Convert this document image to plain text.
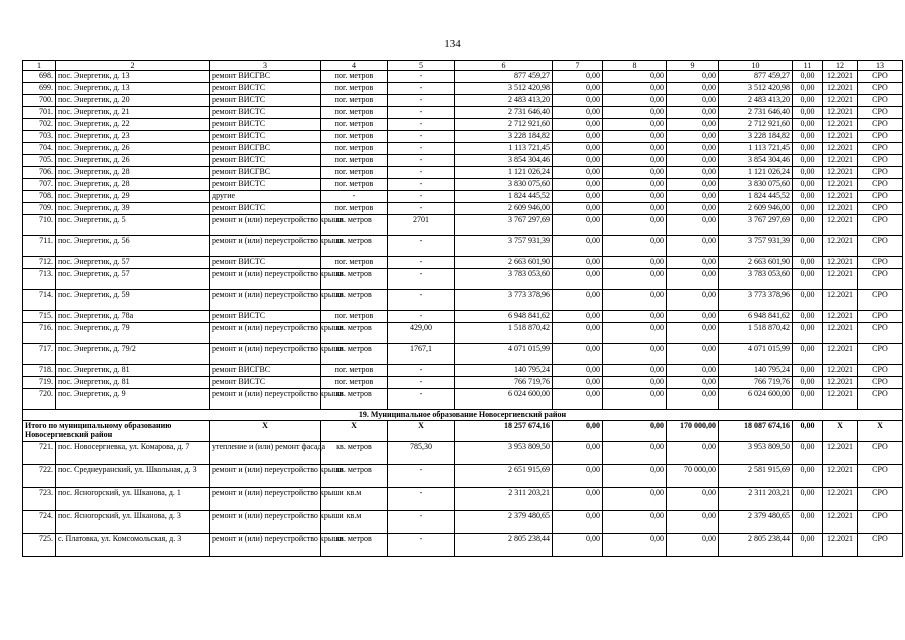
134
1	2	3	4	5	6	7	8	9	10	11	12	13
698.	пос. Энергетик, д. 13	ремонт ВИСГВС	пог. метров	-	877 459,27	0,00	0,00	0,00	877 459,27	0,00	12.2021	СРО
699.	пос. Энергетик, д. 13	ремонт ВИСТС	пог. метров	-	3 512 420,98	0,00	0,00	0,00	3 512 420,98	0,00	12.2021	СРО
700.	пос. Энергетик, д. 20	ремонт ВИСТС	пог. метров	-	2 483 413,20	0,00	0,00	0,00	2 483 413,20	0,00	12.2021	СРО
701.	пос. Энергетик, д. 21	ремонт ВИСТС	пог. метров	-	2 731 646,40	0,00	0,00	0,00	2 731 646,40	0,00	12.2021	СРО
702.	пос. Энергетик, д. 22	ремонт ВИСТС	пог. метров	-	2 712 921,60	0,00	0,00	0,00	2 712 921,60	0,00	12.2021	СРО
703.	пос. Энергетик, д. 23	ремонт ВИСТС	пог. метров	-	3 228 184,82	0,00	0,00	0,00	3 228 184,82	0,00	12.2021	СРО
704.	пос. Энергетик, д. 26	ремонт ВИСГВС	пог. метров	-	1 113 721,45	0,00	0,00	0,00	1 113 721,45	0,00	12.2021	СРО
705.	пос. Энергетик, д. 26	ремонт ВИСТС	пог. метров	-	3 854 304,46	0,00	0,00	0,00	3 854 304,46	0,00	12.2021	СРО
706.	пос. Энергетик, д. 28	ремонт ВИСГВС	пог. метров	-	1 121 026,24	0,00	0,00	0,00	1 121 026,24	0,00	12.2021	СРО
707.	пос. Энергетик, д. 28	ремонт ВИСТС	пог. метров	-	3 830 075,60	0,00	0,00	0,00	3 830 075,60	0,00	12.2021	СРО
708.	пос. Энергетик, д. 29	другие	-	-	1 824 445,52	0,00	0,00	0,00	1 824 445,52	0,00	12.2021	СРО
709.	пос. Энергетик, д. 39	ремонт ВИСТС	пог. метров	-	2 609 946,00	0,00	0,00	0,00	2 609 946,00	0,00	12.2021	СРО
710.	пос. Энергетик, д. 5	ремонт и (или) переустройство крыши	кв. метров	2701	3 767 297,69	0,00	0,00	0,00	3 767 297,69	0,00	12.2021	СРО
711.	пос. Энергетик, д. 56	ремонт и (или) переустройство крыши	кв. метров	-	3 757 931,39	0,00	0,00	0,00	3 757 931,39	0,00	12.2021	СРО
712.	пос. Энергетик, д. 57	ремонт ВИСТС	пог. метров	-	2 663 601,90	0,00	0,00	0,00	2 663 601,90	0,00	12.2021	СРО
713.	пос. Энергетик, д. 57	ремонт и (или) переустройство крыши	кв. метров	-	3 783 053,60	0,00	0,00	0,00	3 783 053,60	0,00	12.2021	СРО
714.	пос. Энергетик, д. 59	ремонт и (или) переустройство крыши	кв. метров	-	3 773 378,96	0,00	0,00	0,00	3 773 378,96	0,00	12.2021	СРО
715.	пос. Энергетик, д. 78а	ремонт ВИСТС	пог. метров	-	6 948 841,62	0,00	0,00	0,00	6 948 841,62	0,00	12.2021	СРО
716.	пос. Энергетик, д. 79	ремонт и (или) переустройство крыши	кв. метров	429,00	1 518 870,42	0,00	0,00	0,00	1 518 870,42	0,00	12.2021	СРО
717.	пос. Энергетик, д. 79/2	ремонт и (или) переустройство крыши	кв. метров	1767,1	4 071 015,99	0,00	0,00	0,00	4 071 015,99	0,00	12.2021	СРО
718.	пос. Энергетик, д. 81	ремонт ВИСГВС	пог. метров	-	140 795,24	0,00	0,00	0,00	140 795,24	0,00	12.2021	СРО
719.	пос. Энергетик, д. 81	ремонт ВИСТС	пог. метров	-	766 719,76	0,00	0,00	0,00	766 719,76	0,00	12.2021	СРО
720.	пос. Энергетик, д. 9	ремонт и (или) переустройство крыши	кв. метров	-	6 024 600,00	0,00	0,00	0,00	6 024 600,00	0,00	12.2021	СРО
19. Муниципальное образование Новосергиевский район												
Итого по муниципальному образованию Новосергиевский район		X	X	X	18 257 674,16	0,00	0,00	170 000,00	18 087 674,16	0,00	X	X
721.	пос. Новосергиевка, ул. Комарова, д. 7	утепление и (или) ремонт фасада	кв. метров	785,30	3 953 809,50	0,00	0,00	0,00	3 953 809,50	0,00	12.2021	СРО
722.	пос. Среднеуранский, ул. Школьная, д. 3	ремонт и (или) переустройство крыши	кв. метров	-	2 651 915,69	0,00	0,00	70 000,00	2 581 915,69	0,00	12.2021	СРО
723.	пос. Ясногорский, ул. Шканова, д. 1	ремонт и (или) переустройство крыши	кв.м	-	2 311 203,21	0,00	0,00	0,00	2 311 203,21	0,00	12.2021	СРО
724.	пос. Ясногорский, ул. Шканова, д. 3	ремонт и (или) переустройство крыши	кв.м	-	2 379 480,65	0,00	0,00	0,00	2 379 480,65	0,00	12.2021	СРО
725.	с. Платовка, ул. Комсомольская, д. 3	ремонт и (или) переустройство крыши	кв. метров	-	2 805 238,44	0,00	0,00	0,00	2 805 238,44	0,00	12.2021	СРО
